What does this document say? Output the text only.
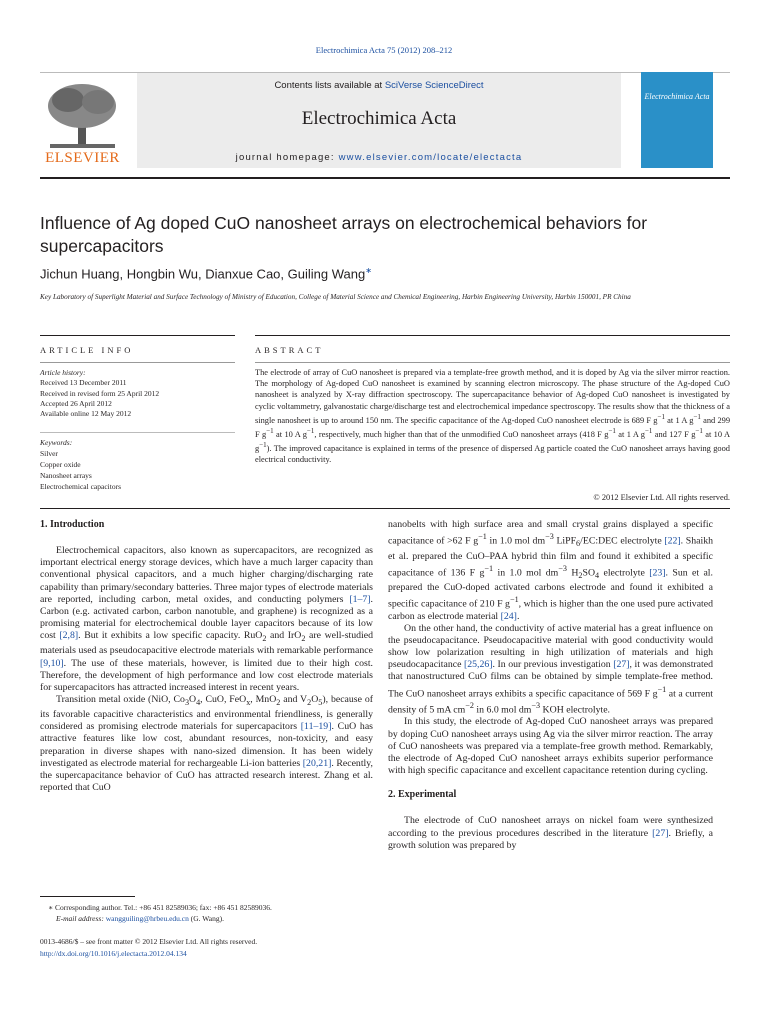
Electrochimica Acta 75 (2012) 208–212
ELSEVIER
Contents lists available at SciVerse ScienceDirect
Electrochimica Acta
journal homepage: www.elsevier.com/locate/electacta
Electrochimica Acta
Influence of Ag doped CuO nanosheet arrays on electrochemical behaviors for supercapacitors
Jichun Huang, Hongbin Wu, Dianxue Cao, Guiling Wang∗
Key Laboratory of Superlight Material and Surface Technology of Ministry of Education, College of Material Science and Chemical Engineering, Harbin Engineering University, Harbin 150001, PR China
ARTICLE INFO	ABSTRACT
Article history:
Received 13 December 2011
Received in revised form 25 April 2012
Accepted 26 April 2012
Available online 12 May 2012
Keywords:
Silver
Copper oxide
Nanosheet arrays
Electrochemical capacitors
The electrode of array of CuO nanosheet is prepared via a template-free growth method, and it is doped by Ag via the silver mirror reaction. The morphology of Ag-doped CuO nanosheet is examined by scanning electron microscopy. The phase structure of the Ag-doped CuO nanosheet is analyzed by X-ray diffraction spectroscopy. The supercapacitance behavior of Ag-doped CuO nanosheet is investigated by cyclic voltammetry, galvanostatic charge/discharge test and electrochemical impedance spectroscopy. The results show that the thickness of a single nanosheet is up to around 150 nm. The specific capacitance of the Ag-doped CuO nanosheet electrode is 689 F $g^{-1}$ at 1 A $g^{-1}$ and 299 F $g^{-1}$ at 10 A $g^{-1}$, respectively, much higher than that of the unmodified CuO nanosheet arrays (418 F $g^{-1}$ at 1 A $g^{-1}$ and 127 F $g^{-1}$ at 10 A $g^{-1}$). The improved capacitance is explained in terms of the presence of dispersed Ag particle coated the CuO nanosheet arrays having good electrical conductivity.
© 2012 Elsevier Ltd. All rights reserved.
1. Introduction

Electrochemical capacitors, also known as supercapacitors, are recognized as important electrical energy storage devices, which have a much larger capacity than conventional physical capacitors, and a much higher charging/discharging rate capability than primary/secondary batteries. Three major types of electrode materials are reported, including carbon, metal oxides, and conducting polymers [1–7]. Carbon (e.g. activated carbon, carbon nanotuble, and graphene) is recognized as a promising material for electrochemical double layer capacitors because of its low cost [2,8]. But it exhibits a low specific capacity. RuO$_2$ and IrO$_2$ are well-studied materials used as pseudocapacitive electrode materials with remarkable performance [9,10]. The use of these materials, however, is limited due to their high cost. Therefore, the development of high performance and low cost electrode materials for supercapacitors has attracted increased interest in recent years.

Transition metal oxide (NiO, $Co_3O_4$, CuO, FeO$_x$, MnO$_2$ and $V_2O_5$), because of its favorable capacitive characteristics and environmental friendliness, is generally considered as promising electrode materials for supercapacitors [11–19]. CuO has attractive features like low cost, abundant resources, non-toxicity, and easy preparation in diverse shapes with nano-sized dimension. It has been widely investigated as electrode material for rechargeable Li-ion batteries [20,21]. Recently, the supercapacitance behavior of CuO has attracted research interest. Zhang et al. reported that CuO

nanobelts with high surface area and small crystal grains displayed a specific capacitance of >62 F $g^{-1}$ in 1.0 mol $dm^{-3}$ LiPF$_6$/EC:DEC electrolyte [22]. Shaikh et al. prepared the CuO–PAA hybrid thin film and found it exhibited a specific capacitance of 136 F $g^{-1}$ in 1.0 mol $dm^{-3}$ $H_2SO_4$ electrolyte [23]. Sun et al. prepared the CuO-doped activated carbons electrode and found it exhibited a specific capacitance of 210 F $g^{-1}$, which is higher than the one used pure activated carbon as electrode material [24].

On the other hand, the conductivity of active material has a great influence on the pseudocapacitance. Pseudocapacitive material with good conductivity would show low polarization resulting in high utilization of materials and high pseudocapacitance [25,26]. In our previous investigation [27], it was demonstrated that nanostructured CuO films can be obtained by simple template-free method. The CuO nanosheet arrays exhibits a specific capacitance of 569 F $g^{-1}$ at a current density of 5 mA $cm^{-2}$ in 6.0 mol $dm^{-3}$ KOH electrolyte.

In this study, the electrode of Ag-doped CuO nanosheet arrays was prepared by doping CuO nanosheet arrays using Ag via the silver mirror reaction. The array of CuO nanosheets was prepared via a template-free growth method. Remarkably, the electrode of Ag-doped CuO nanosheet arrays exhibits superior performance with high specific capacitance and excellent capacitance retention during cycling.

2. Experimental

The electrode of CuO nanosheet arrays on nickel foam were synthesized according to the previous procedures described in the literature [27]. Briefly, a growth solution was prepared by

∗ Corresponding author. Tel.: +86 451 82589036; fax: +86 451 82589036.
E-mail address: wangguiling@hrbeu.edu.cn (G. Wang).
0013-4686/$ – see front matter © 2012 Elsevier Ltd. All rights reserved.
http://dx.doi.org/10.1016/j.electacta.2012.04.134
